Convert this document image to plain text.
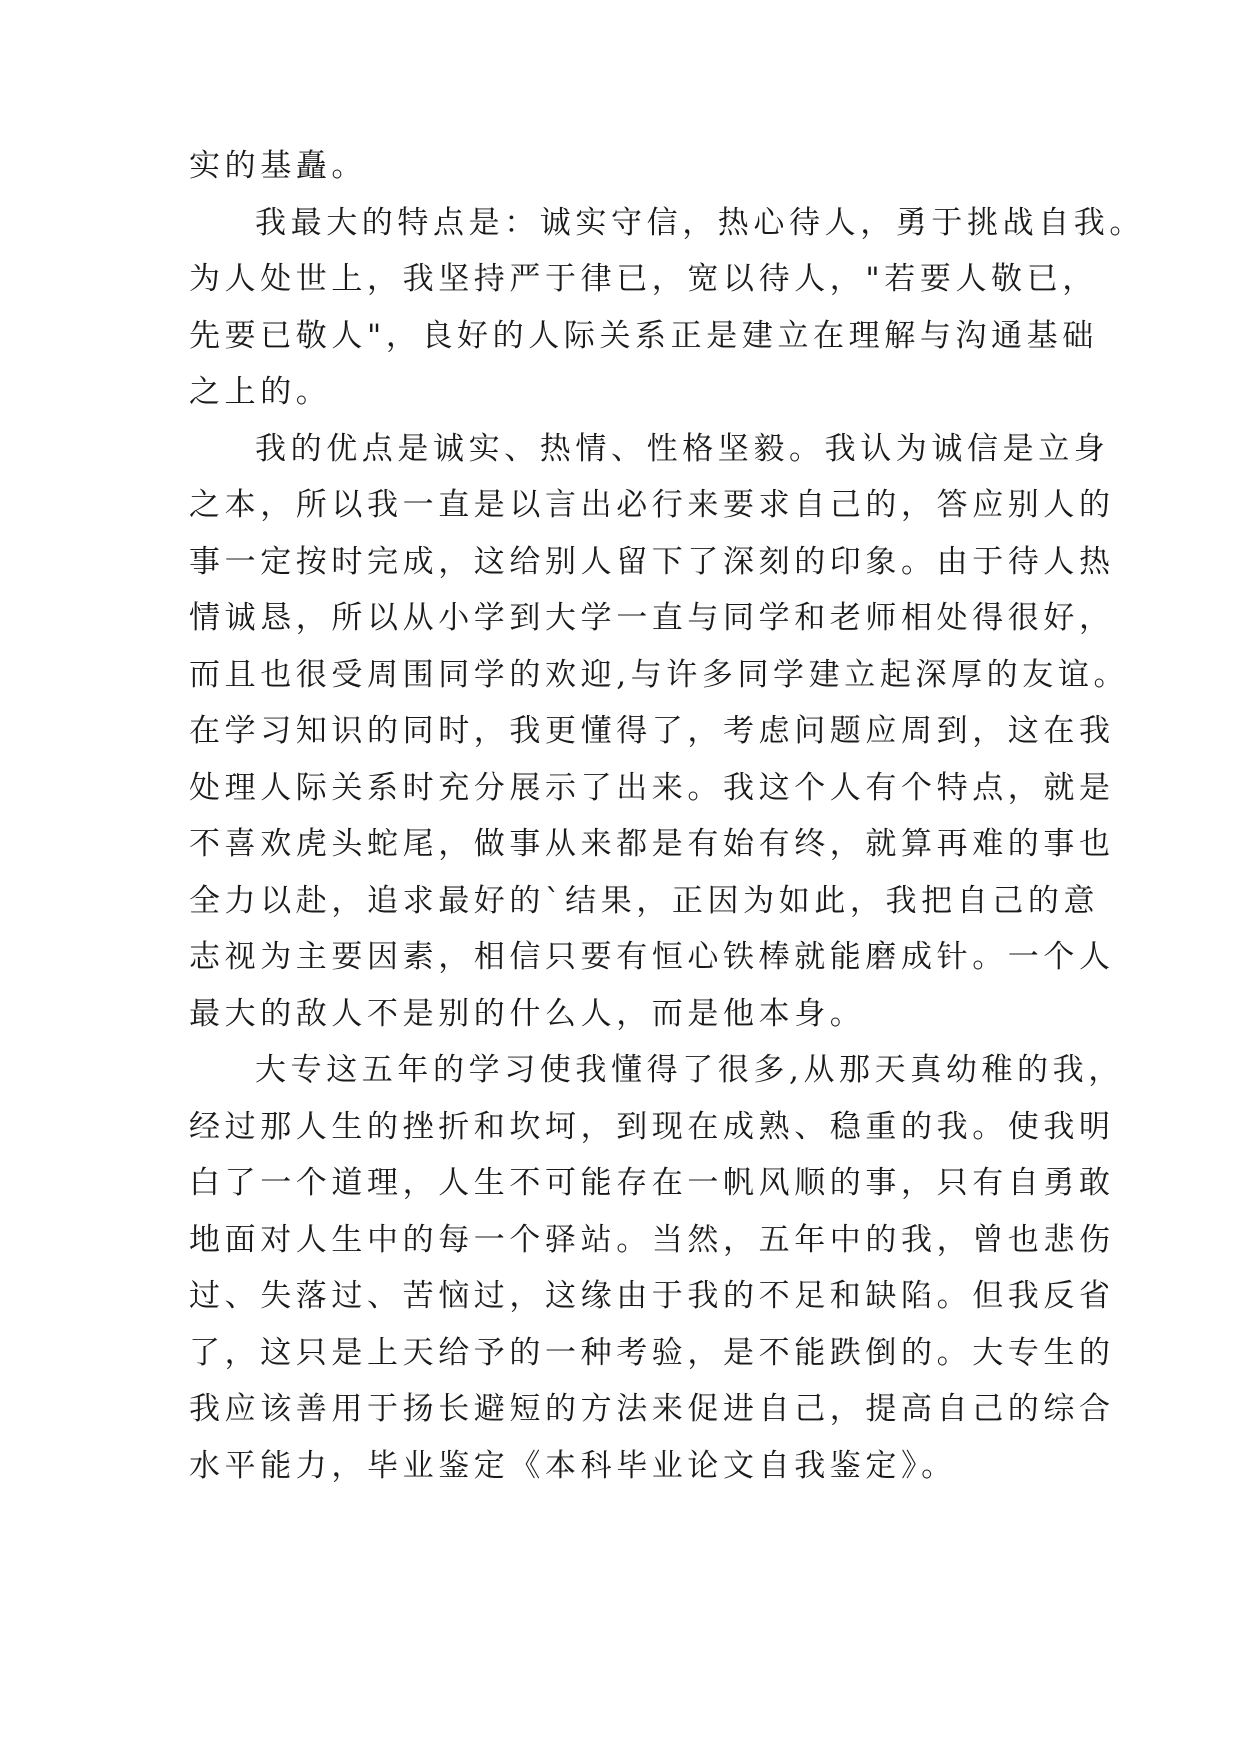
实的基矗。

我最大的特点是：诚实守信，热心待人，勇于挑战自我。

为人处世上，我坚持严于律已，宽以待人，"若要人敬已，

先要已敬人"，良好的人际关系正是建立在理解与沟通基础

之上的。

我的优点是诚实、热情、性格坚毅。我认为诚信是立身

之本，所以我一直是以言出必行来要求自己的，答应别人的

事一定按时完成，这给别人留下了深刻的印象。由于待人热

情诚恳，所以从小学到大学一直与同学和老师相处得很好，

而且也很受周围同学的欢迎,与许多同学建立起深厚的友谊。

在学习知识的同时，我更懂得了，考虑问题应周到，这在我

处理人际关系时充分展示了出来。我这个人有个特点，就是

不喜欢虎头蛇尾，做事从来都是有始有终，就算再难的事也

全力以赴，追求最好的`结果，正因为如此，我把自己的意

志视为主要因素，相信只要有恒心铁棒就能磨成针。一个人

最大的敌人不是别的什么人，而是他本身。

大专这五年的学习使我懂得了很多,从那天真幼稚的我，

经过那人生的挫折和坎坷，到现在成熟、稳重的我。使我明

白了一个道理，人生不可能存在一帆风顺的事，只有自勇敢

地面对人生中的每一个驿站。当然，五年中的我，曾也悲伤

过、失落过、苦恼过，这缘由于我的不足和缺陷。但我反省

了，这只是上天给予的一种考验，是不能跌倒的。大专生的

我应该善用于扬长避短的方法来促进自己，提高自己的综合

水平能力，毕业鉴定《本科毕业论文自我鉴定》。
